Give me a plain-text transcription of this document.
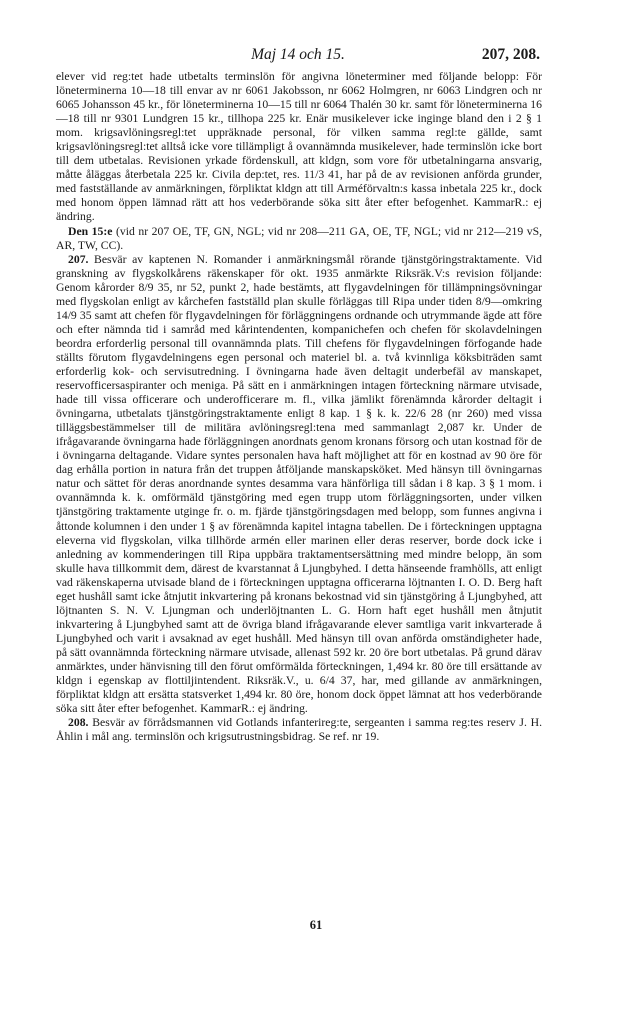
Maj 14 och 15.	207, 208.

elever vid reg:tet hade utbetalts terminslön för angivna löneterminer med följande belopp: För löneterminerna 10—18 till envar av nr 6061 Jakobsson, nr 6062 Holmgren, nr 6063 Lindgren och nr 6065 Johansson 45 kr., för löneterminerna 10—15 till nr 6064 Thalén 30 kr. samt för löneterminerna 16—18 till nr 9301 Lundgren 15 kr., tillhopa 225 kr. Enär musikelever icke inginge bland den i 2 § 1 mom. krigsavlöningsregl:tet uppräknade personal, för vilken samma regl:te gällde, samt krigsavlöningsregl:tet alltså icke vore tillämpligt å ovannämnda musikelever, hade terminslön icke bort till dem utbetalas. Revisionen yrkade fördenskull, att kldgn, som vore för utbetalningarna ansvarig, måtte åläggas återbetala 225 kr. Civila dep:tet, res. 11/3 41, har på de av revisionen anförda grunder, med fastställande av anmärkningen, förpliktat kldgn att till Arméförvaltn:s kassa inbetala 225 kr., dock med honom öppen lämnad rätt att hos vederbörande söka sitt åter efter befogenhet. KammarR.: ej ändring.

Den 15:e (vid nr 207 OE, TF, GN, NGL; vid nr 208—211 GA, OE, TF, NGL; vid nr 212—219 vS, AR, TW, CC).

207. Besvär av kaptenen N. Romander i anmärkningsmål rörande tjänstgöringstraktamente. Vid granskning av flygskolkårens räkenskaper för okt. 1935 anmärkte Riksräk.V:s revision följande: Genom kårorder 8/9 35, nr 52, punkt 2, hade bestämts, att flygavdelningen för tillämpningsövningar med flygskolan enligt av kårchefen fastställd plan skulle förläggas till Ripa under tiden 8/9—omkring 14/9 35 samt att chefen för flygavdelningen för förläggningens ordnande och utrymmande ägde att före och efter nämnda tid i samråd med kårintendenten, kompanichefen och chefen för skolavdelningen beordra erforderlig personal till ovannämnda plats. Till chefens för flygavdelningen förfogande hade ställts förutom flygavdelningens egen personal och materiel bl. a. två kvinnliga köksbiträden samt erforderlig kok- och servisutredning. I övningarna hade även deltagit underbefäl av manskapet, reservofficersaspiranter och meniga. På sätt en i anmärkningen intagen förteckning närmare utvisade, hade till vissa officerare och underofficerare m. fl., vilka jämlikt förenämnda kårorder deltagit i övningarna, utbetalats tjänstgöringstraktamente enligt 8 kap. 1 § k. k. 22/6 28 (nr 260) med vissa tilläggsbestämmelser till de militära avlöningsregl:tena med sammanlagt 2,087 kr. Under de ifrågavarande övningarna hade förläggningen anordnats genom kronans försorg och utan kostnad för de i övningarna deltagande. Vidare syntes personalen hava haft möjlighet att för en kostnad av 90 öre för dag erhålla portion in natura från det truppen åtföljande manskapsköket. Med hänsyn till övningarnas natur och sättet för deras anordnande syntes desamma vara hänförliga till sådan i 8 kap. 3 § 1 mom. i ovannämnda k. k. omförmäld tjänstgöring med egen trupp utom förläggningsorten, under vilken tjänstgöring traktamente utginge fr. o. m. fjärde tjänstgöringsdagen med belopp, som funnes angivna i åttonde kolumnen i den under 1 § av förenämnda kapitel intagna tabellen. De i förteckningen upptagna eleverna vid flygskolan, vilka tillhörde armén eller marinen eller deras reserver, borde dock icke i anledning av kommenderingen till Ripa uppbära traktamentsersättning med mindre belopp, än som skulle hava tillkommit dem, därest de kvarstannat å Ljungbyhed. I detta hänseende framhölls, att enligt vad räkenskaperna utvisade bland de i förteckningen upptagna officerarna löjtnanten I. O. D. Berg haft eget hushåll samt icke åtnjutit inkvartering på kronans bekostnad vid sin tjänstgöring å Ljungbyhed, att löjtnanten S. N. V. Ljungman och underlöjtnanten L. G. Horn haft eget hushåll men åtnjutit inkvartering å Ljungbyhed samt att de övriga bland ifrågavarande elever samtliga varit inkvarterade å Ljungbyhed och varit i avsaknad av eget hushåll. Med hänsyn till ovan anförda omständigheter hade, på sätt ovannämnda förteckning närmare utvisade, allenast 592 kr. 20 öre bort utbetalas. På grund därav anmärktes, under hänvisning till den förut omförmälda förteckningen, 1,494 kr. 80 öre till ersättande av kldgn i egenskap av flottiljintendent. Riksräk.V., u. 6/4 37, har, med gillande av anmärkningen, förpliktat kldgn att ersätta statsverket 1,494 kr. 80 öre, honom dock öppet lämnat att hos vederbörande söka sitt åter efter befogenhet. KammarR.: ej ändring.

208. Besvär av förrådsmannen vid Gotlands infanterireg:te, sergeanten i samma reg:tes reserv J. H. Åhlin i mål ang. terminslön och krigsutrustningsbidrag. Se ref. nr 19.

61
